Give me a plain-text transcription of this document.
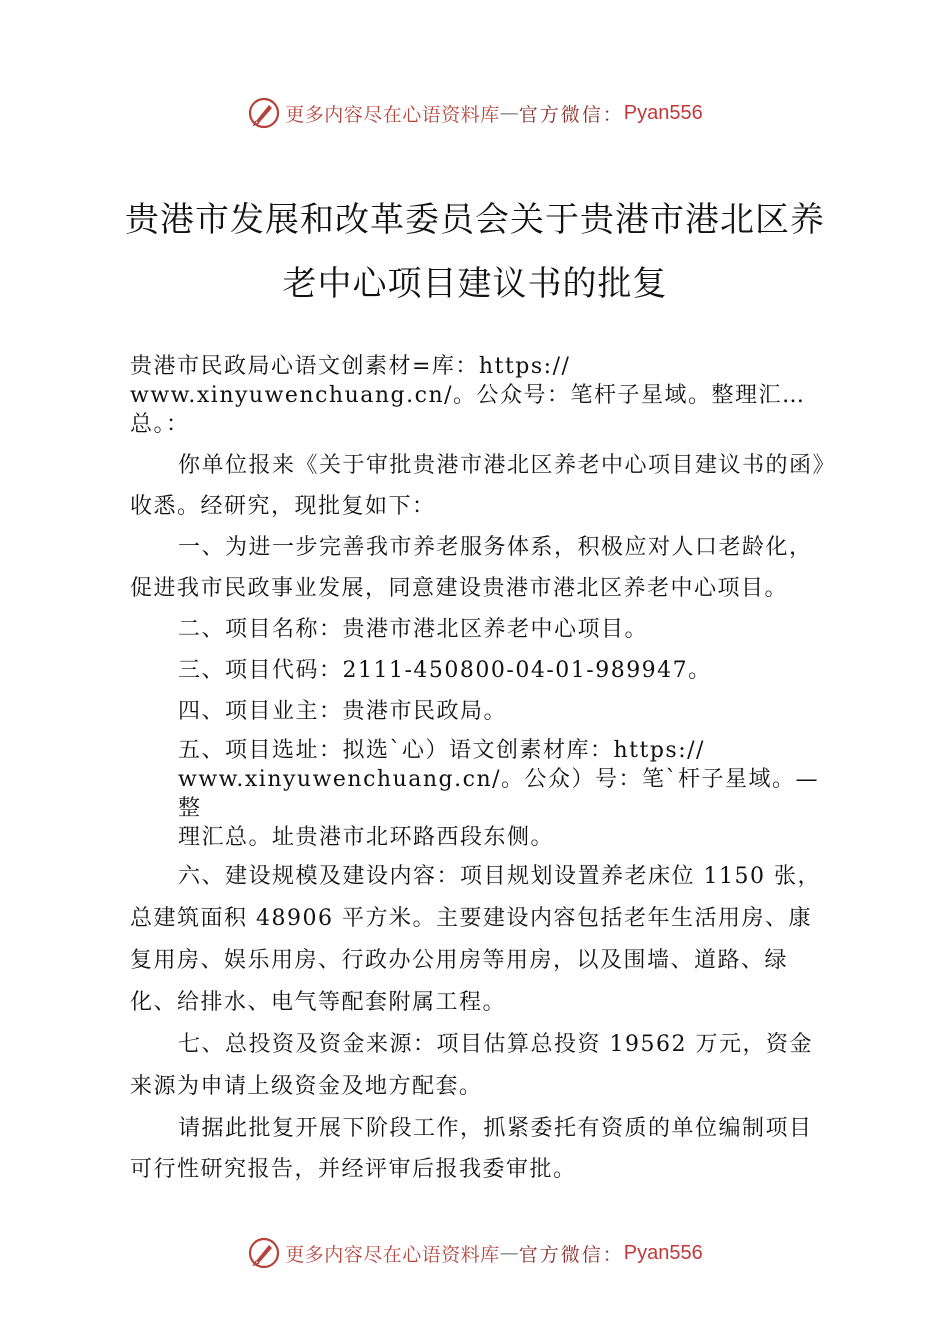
更多内容尽在心语资料库 — 官方微信： Pyan556
贵港市发展和改革委员会关于贵港市港北区养
老中心项目建议书的批复

贵港市民政局心语文创素材=库：https://

www.xinyuwenchuang.cn/。公众号：笔杆子星域。整理汇…总。：

你单位报来《关于审批贵港市港北区养老中心项目建议书的函》收悉。经研究，现批复如下：

一、为进一步完善我市养老服务体系，积极应对人口老龄化，促进我市民政事业发展，同意建设贵港市港北区养老中心项目。

二、项目名称：贵港市港北区养老中心项目。

三、项目代码：2111-450800-04-01-989947。

四、项目业主：贵港市民政局。

五、项目选址：拟选`心）语文创素材库：https://

www.xinyuwenchuang.cn/。公众）号：笔`杆子星域。—整

理汇总。址贵港市北环路西段东侧。

六、建设规模及建设内容：项目规划设置养老床位 1150 张，总建筑面积 48906 平方米。主要建设内容包括老年生活用房、康复用房、娱乐用房、行政办公用房等用房，以及围墙、道路、绿化、给排水、电气等配套附属工程。

七、总投资及资金来源：项目估算总投资 19562 万元，资金来源为申请上级资金及地方配套。

请据此批复开展下阶段工作，抓紧委托有资质的单位编制项目可行性研究报告，并经评审后报我委审批。

更多内容尽在心语资料库 — 官方微信： Pyan556
